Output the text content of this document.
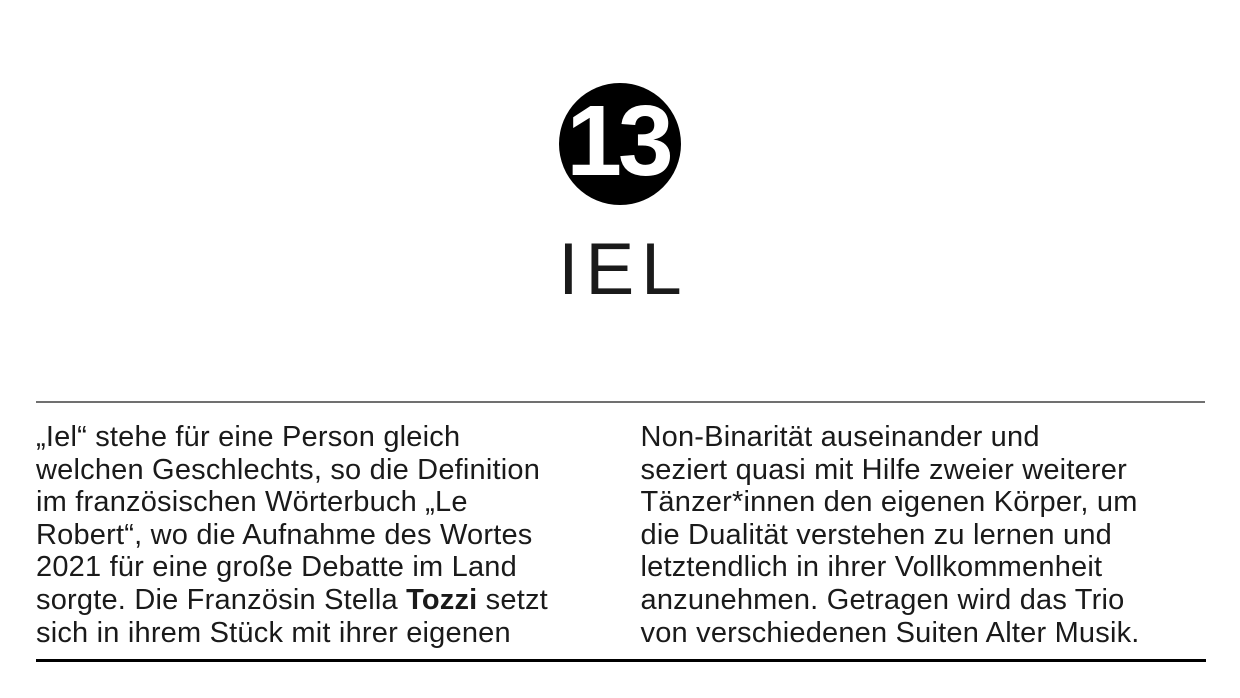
13
IEL
„Iel“ stehe für eine Person gleich
welchen Geschlechts, so die Definition
im französischen Wörterbuch „Le
Robert“, wo die Aufnahme des Wortes
2021 für eine große Debatte im Land
sorgte. Die Französin Stella Tozzi setzt
sich in ihrem Stück mit ihrer eigenen
Non-Binarität auseinander und
seziert quasi mit Hilfe zweier weiterer
Tänzer*innen den eigenen Körper, um
die Dualität verstehen zu lernen und
letztendlich in ihrer Vollkommenheit
anzunehmen. Getragen wird das Trio
von verschiedenen Suiten Alter Musik.
